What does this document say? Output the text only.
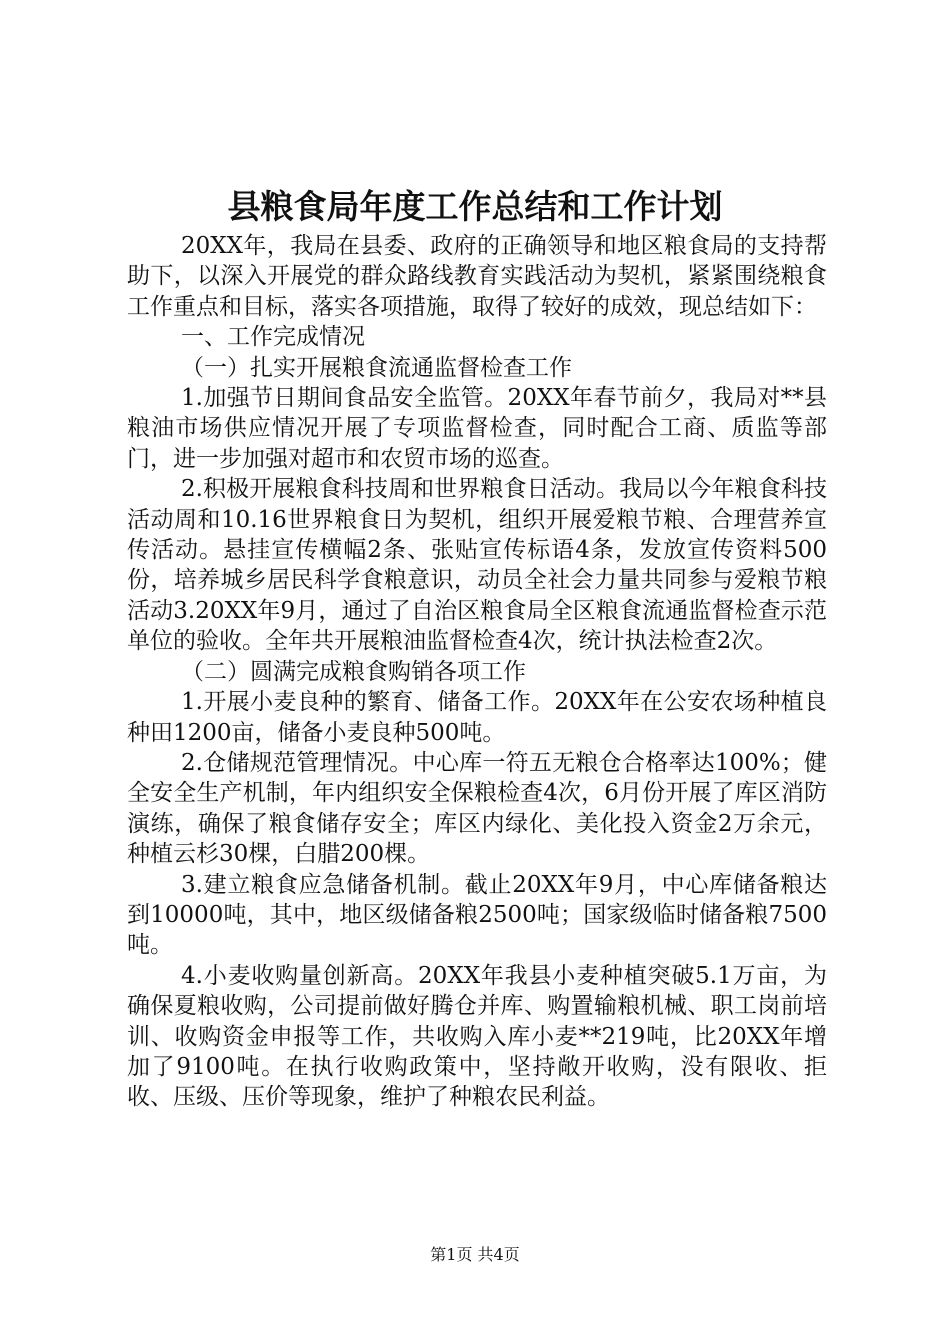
县粮食局年度工作总结和工作计划

20XX年，我局在县委、政府的正确领导和地区粮食局的支持帮助下，以深入开展党的群众路线教育实践活动为契机，紧紧围绕粮食工作重点和目标，落实各项措施，取得了较好的成效，现总结如下：

一、工作完成情况

（一）扎实开展粮食流通监督检查工作

1.加强节日期间食品安全监管。20XX年春节前夕，我局对**县粮油市场供应情况开展了专项监督检查，同时配合工商、质监等部门，进一步加强对超市和农贸市场的巡查。

2.积极开展粮食科技周和世界粮食日活动。我局以今年粮食科技活动周和10.16世界粮食日为契机，组织开展爱粮节粮、合理营养宣传活动。悬挂宣传横幅2条、张贴宣传标语4条，发放宣传资料500份，培养城乡居民科学食粮意识，动员全社会力量共同参与爱粮节粮活动3.20XX年9月，通过了自治区粮食局全区粮食流通监督检查示范单位的验收。全年共开展粮油监督检查4次，统计执法检查2次。

（二）圆满完成粮食购销各项工作

1.开展小麦良种的繁育、储备工作。20XX年在公安农场种植良种田1200亩，储备小麦良种500吨。

2.仓储规范管理情况。中心库一符五无粮仓合格率达100%；健全安全生产机制，年内组织安全保粮检查4次，6月份开展了库区消防演练，确保了粮食储存安全；库区内绿化、美化投入资金2万余元，种植云杉30棵，白腊200棵。

3.建立粮食应急储备机制。截止20XX年9月，中心库储备粮达到10000吨，其中，地区级储备粮2500吨；国家级临时储备粮7500吨。

4.小麦收购量创新高。20XX年我县小麦种植突破5.1万亩，为确保夏粮收购，公司提前做好腾仓并库、购置输粮机械、职工岗前培训、收购资金申报等工作，共收购入库小麦**219吨，比20XX年增加了9100吨。在执行收购政策中，坚持敞开收购，没有限收、拒收、压级、压价等现象，维护了种粮农民利益。

第1页 共4页
